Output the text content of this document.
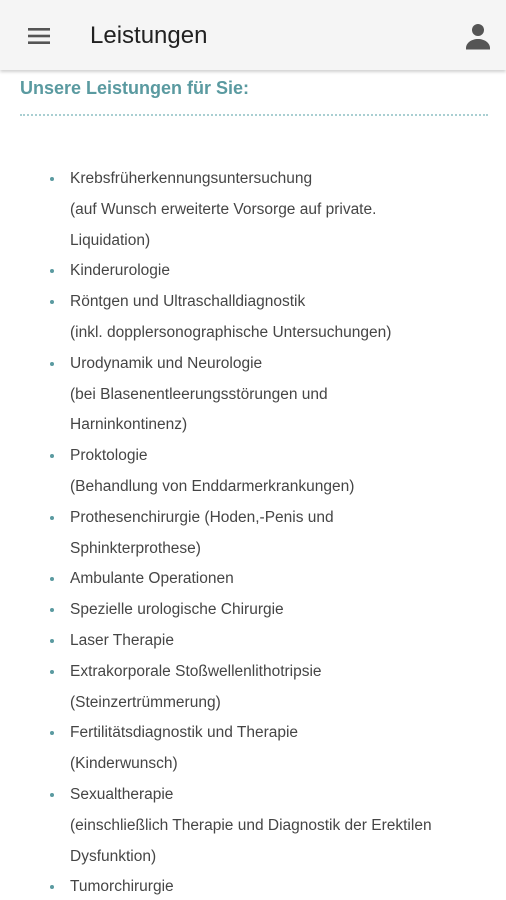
Leistungen
Unsere Leistungen für Sie:
Krebsfrüherkennungsuntersuchung
(auf Wunsch erweiterte Vorsorge auf private.
Liquidation)
Kinderurologie
Röntgen und Ultraschalldiagnostik
(inkl. dopplersonographische Untersuchungen)
Urodynamik und Neurologie
(bei Blasenentleerungsstörungen und
Harninkontinenz)
Proktologie
(Behandlung von Enddarmerkrankungen)
Prothesenchirurgie (Hoden,-Penis und
Sphinkterprothese)
Ambulante Operationen
Spezielle urologische Chirurgie
Laser Therapie
Extrakorporale Stoßwellenlithotripsie
(Steinzertrümmerung)
Fertilitätsdiagnostik und Therapie
(Kinderwunsch)
Sexualtherapie
(einschließlich Therapie und Diagnostik der Erektilen
Dysfunktion)
Tumorchirurgie
